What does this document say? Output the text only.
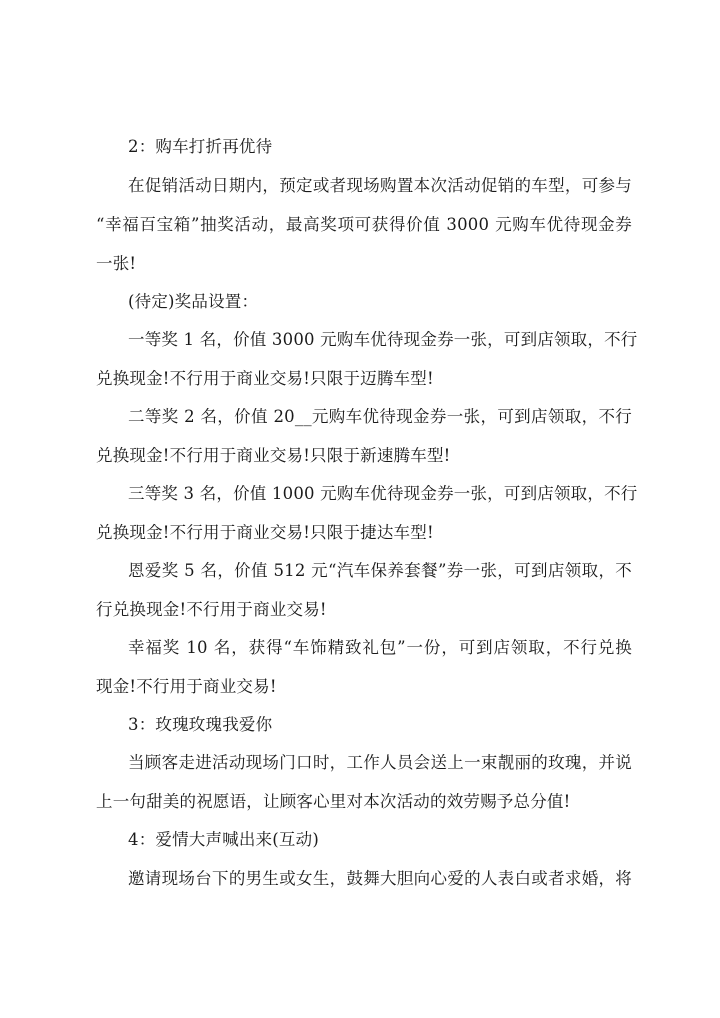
2：购车打折再优待
在促销活动日期内，预定或者现场购置本次活动促销的车型，可参与
“幸福百宝箱”抽奖活动，最高奖项可获得价值 3000 元购车优待现金券
一张!
(待定)奖品设置：
一等奖 1 名，价值 3000 元购车优待现金券一张，可到店领取，不行
兑换现金!不行用于商业交易!只限于迈腾车型!
二等奖 2 名，价值 20__元购车优待现金券一张，可到店领取，不行
兑换现金!不行用于商业交易!只限于新速腾车型!
三等奖 3 名，价值 1000 元购车优待现金券一张，可到店领取，不行
兑换现金!不行用于商业交易!只限于捷达车型!
恩爱奖 5 名，价值 512 元“汽车保养套餐”券一张，可到店领取，不
行兑换现金!不行用于商业交易!
幸福奖 10 名，获得“车饰精致礼包”一份，可到店领取，不行兑换
现金!不行用于商业交易!
3：玫瑰玫瑰我爱你
当顾客走进活动现场门口时，工作人员会送上一束靓丽的玫瑰，并说
上一句甜美的祝愿语，让顾客心里对本次活动的效劳赐予总分值!
4：爱情大声喊出来(互动)
邀请现场台下的男生或女生，鼓舞大胆向心爱的人表白或者求婚，将
